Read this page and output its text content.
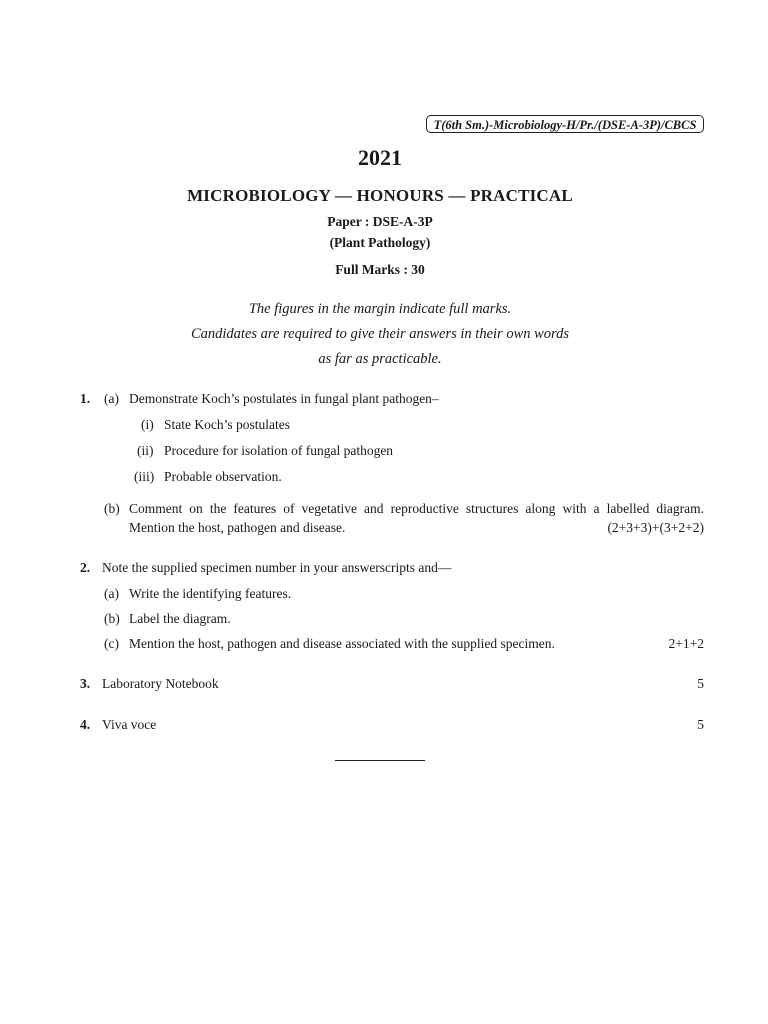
T(6th Sm.)-Microbiology-H/Pr./(DSE-A-3P)/CBCS
2021
MICROBIOLOGY — HONOURS — PRACTICAL
Paper : DSE-A-3P
(Plant Pathology)
Full Marks : 30
The figures in the margin indicate full marks.
Candidates are required to give their answers in their own words
as far as practicable.
1. (a) Demonstrate Koch’s postulates in fungal plant pathogen–
(i) State Koch’s postulates
(ii) Procedure for isolation of fungal pathogen
(iii) Probable observation.
(b) Comment on the features of vegetative and reproductive structures along with a labelled diagram.
Mention the host, pathogen and disease.	(2+3+3)+(3+2+2)
2. Note the supplied specimen number in your answerscripts and—
(a) Write the identifying features.
(b) Label the diagram.
(c) Mention the host, pathogen and disease associated with the supplied specimen.	2+1+2
3. Laboratory Notebook	5
4. Viva voce	5
